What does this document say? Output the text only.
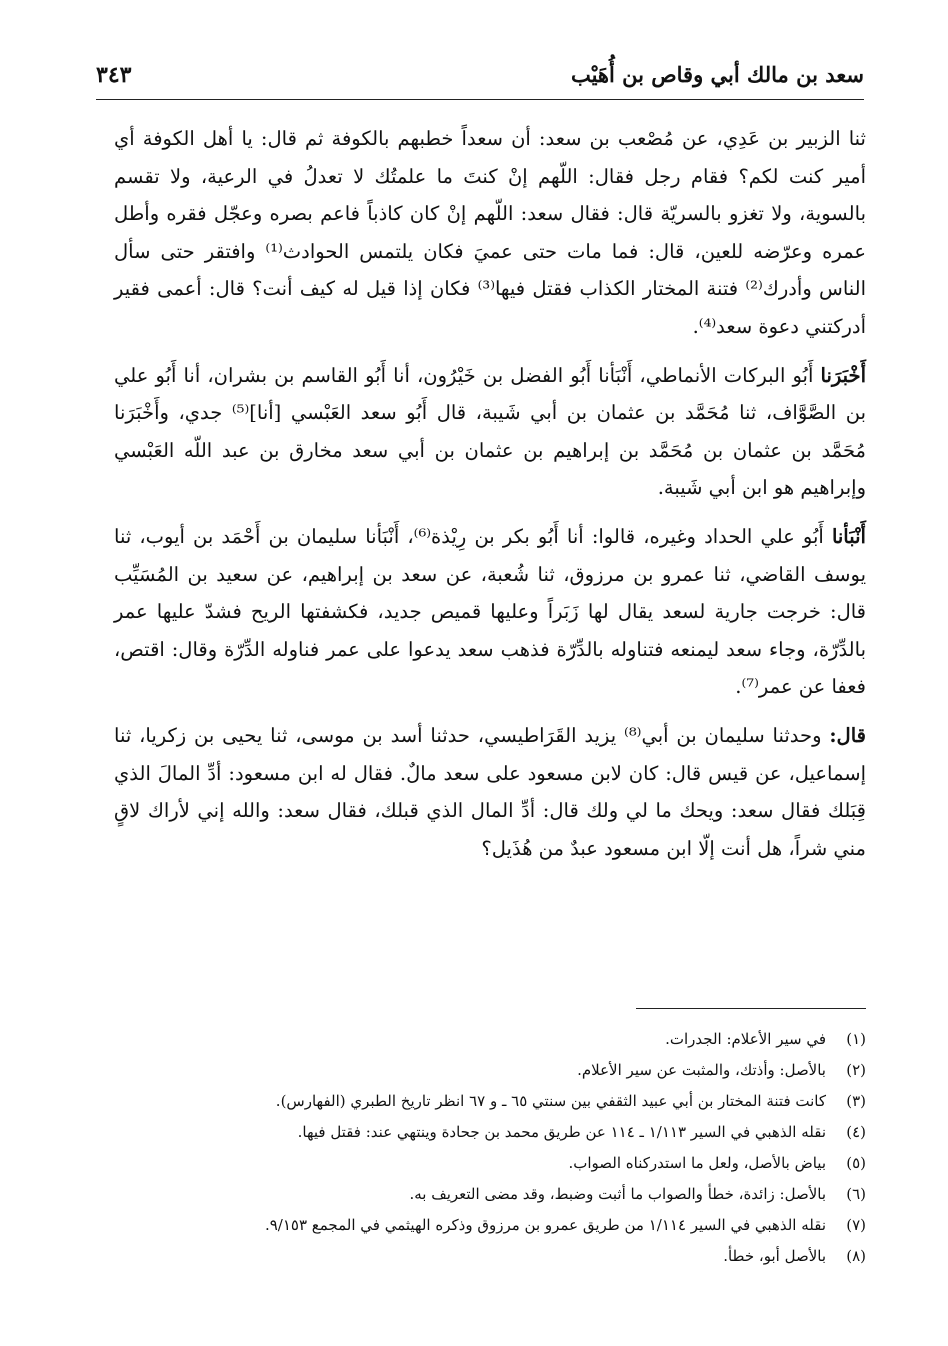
سعد بن مالك أبي وقاص بن أُهَيْب
٣٤٣

ثنا الزبير بن عَدِي، عن مُصْعب بن سعد: أن سعداً خطبهم بالكوفة ثم قال: يا أهل الكوفة أي أمير كنت لكم؟ فقام رجل فقال: اللّهم إنْ كنتَ ما علمتُك لا تعدلُ في الرعية، ولا تقسم بالسوية، ولا تغزو بالسريّة قال: فقال سعد: اللّهم إنْ كان كاذباً فاعم بصره وعجّل فقره وأطل عمره وعرّضه للعين، قال: فما مات حتى عميَ فكان يلتمس الحوادث⁽¹⁾ وافتقر حتى سأل الناس وأدرك⁽²⁾ فتنة المختار الكذاب فقتل فيها⁽³⁾ فكان إذا قيل له كيف أنت؟ قال: أعمى فقير أدركتني دعوة سعد⁽⁴⁾.

أَخْبَرَنا أَبُو البركات الأنماطي، أَنْبَأنا أَبُو الفضل بن خَيْرُون، أنا أَبُو القاسم بن بشران، أنا أَبُو علي بن الصَّوَّاف، ثنا مُحَمَّد بن عثمان بن أبي شَيبة، قال أَبُو سعد العَبْسي [أنا]⁽⁵⁾ جدي، وأَخْبَرَنا مُحَمَّد بن عثمان بن مُحَمَّد بن إبراهيم بن عثمان بن أبي سعد مخارق بن عبد اللّه العَبْسي وإبراهيم هو ابن أبي شَيبة.

أَنْبَأنا أَبُو علي الحداد وغيره، قالوا: أنا أَبُو بكر بن رِيْذة⁽⁶⁾، أَنْبَأنا سليمان بن أَحْمَد بن أيوب، ثنا يوسف القاضي، ثنا عمرو بن مرزوق، ثنا شُعبة، عن سعد بن إبراهيم، عن سعيد بن المُسَيِّب قال: خرجت جارية لسعد يقال لها زَبَراً وعليها قميص جديد، فكشفتها الريح فشدّ عليها عمر بالدِّرّة، وجاء سعد ليمنعه فتناوله بالدِّرّة فذهب سعد يدعوا على عمر فناوله الدِّرّة وقال: اقتص، فعفا عن عمر⁽⁷⁾.

قال: وحدثنا سليمان بن أبي⁽⁸⁾ يزيد القَرَاطيسي، حدثنا أسد بن موسى، ثنا يحيى بن زكريا، ثنا إسماعيل، عن قيس قال: كان لابن مسعود على سعد مالٌ. فقال له ابن مسعود: أدِّ المالَ الذي قِبَلك فقال سعد: ويحك ما لي ولك قال: أدِّ المال الذي قبلك، فقال سعد: والله إني لأراك لاقٍ مني شراً، هل أنت إلّا ابن مسعود عبدٌ من هُذَيل؟

(١)في سير الأعلام: الجدرات.
(٢)بالأصل: وأذتك، والمثبت عن سير الأعلام.
(٣)كانت فتنة المختار بن أبي عبيد الثقفي بين سنتي ٦٥ ـ و ٦٧ انظر تاريخ الطبري (الفهارس).
(٤)نقله الذهبي في السير ١/١١٣ ـ ١١٤ عن طريق محمد بن جحادة وينتهي عند: فقتل فيها.
(٥)بياض بالأصل، ولعل ما استدركناه الصواب.
(٦)بالأصل: زائدة، خطأ والصواب ما أثبت وضبط، وقد مضى التعريف به.
(٧)نقله الذهبي في السير ١/١١٤ من طريق عمرو بن مرزوق وذكره الهيثمي في المجمع ٩/١٥٣.
(٨)بالأصل أبو، خطأ.
